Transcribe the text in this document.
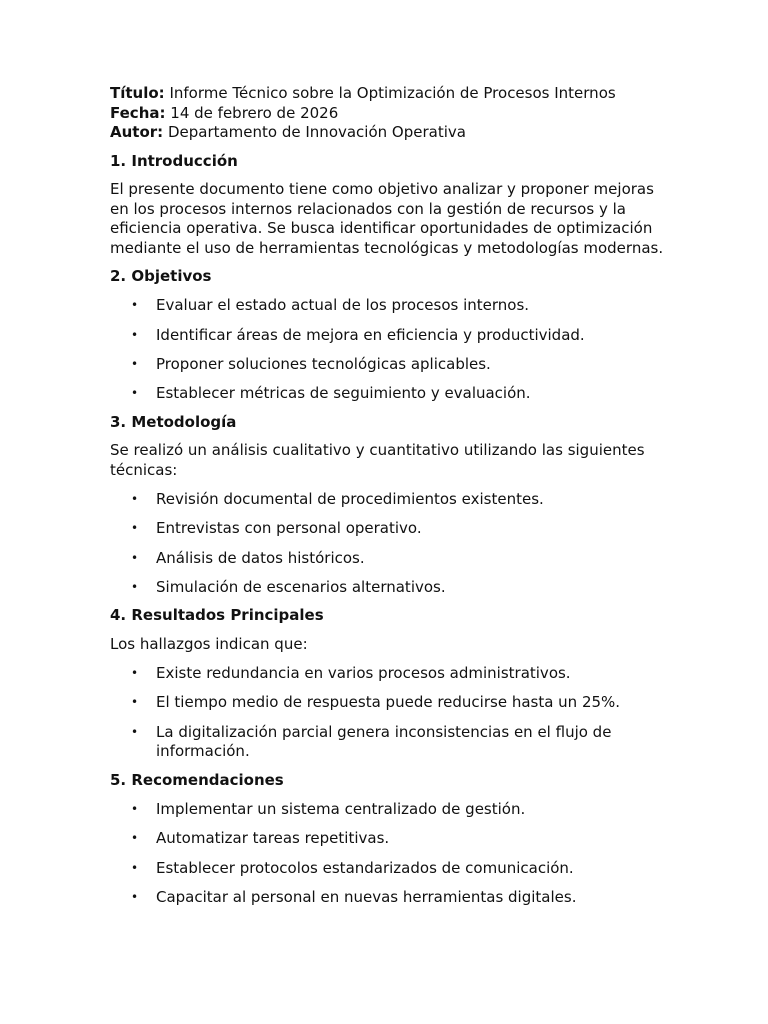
Título: Informe Técnico sobre la Optimización de Procesos Internos
Fecha: 14 de febrero de 2026
Autor: Departamento de Innovación Operativa
1. Introducción

El presente documento tiene como objetivo analizar y proponer mejoras en los procesos internos relacionados con la gestión de recursos y la eficiencia operativa. Se busca identificar oportunidades de optimización mediante el uso de herramientas tecnológicas y metodologías modernas.

2. Objetivos
• Evaluar el estado actual de los procesos internos.
• Identificar áreas de mejora en eficiencia y productividad.
• Proponer soluciones tecnológicas aplicables.
• Establecer métricas de seguimiento y evaluación.
3. Metodología

Se realizó un análisis cualitativo y cuantitativo utilizando las siguientes técnicas:

• Revisión documental de procedimientos existentes.
• Entrevistas con personal operativo.
• Análisis de datos históricos.
• Simulación de escenarios alternativos.
4. Resultados Principales

Los hallazgos indican que:

• Existe redundancia en varios procesos administrativos.
• El tiempo medio de respuesta puede reducirse hasta un 25%.
• La digitalización parcial genera inconsistencias en el flujo de información.
5. Recomendaciones
• Implementar un sistema centralizado de gestión.
• Automatizar tareas repetitivas.
• Establecer protocolos estandarizados de comunicación.
• Capacitar al personal en nuevas herramientas digitales.
